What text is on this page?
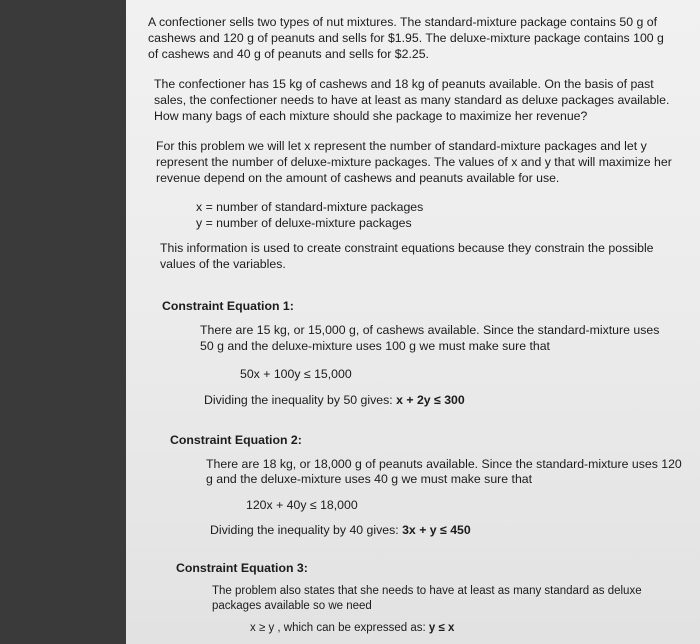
A confectioner sells two types of nut mixtures. The standard-mixture package contains 50 g of
cashews and 120 g of peanuts and sells for $1.95. The deluxe-mixture package contains 100 g
of cashews and 40 g of peanuts and sells for $2.25.
The confectioner has 15 kg of cashews and 18 kg of peanuts available. On the basis of past
sales, the confectioner needs to have at least as many standard as deluxe packages available.
How many bags of each mixture should she package to maximize her revenue?
For this problem we will let x represent the number of standard-mixture packages and let y
represent the number of deluxe-mixture packages. The values of x and y that will maximize her
revenue depend on the amount of cashews and peanuts available for use.
x = number of standard-mixture packages
y = number of deluxe-mixture packages
This information is used to create constraint equations because they constrain the possible
values of the variables.
Constraint Equation 1:
There are 15 kg, or 15,000 g, of cashews available. Since the standard-mixture uses
50 g and the deluxe-mixture uses 100 g we must make sure that
50x + 100y ≤ 15,000
Dividing the inequality by 50 gives: x + 2y ≤ 300
Constraint Equation 2:
There are 18 kg, or 18,000 g of peanuts available. Since the standard-mixture uses 120
g and the deluxe-mixture uses 40 g we must make sure that
120x + 40y ≤ 18,000
Dividing the inequality by 40 gives: 3x + y ≤ 450
Constraint Equation 3:
The problem also states that she needs to have at least as many standard as deluxe
packages available so we need
x ≥ y , which can be expressed as: y ≤ x
